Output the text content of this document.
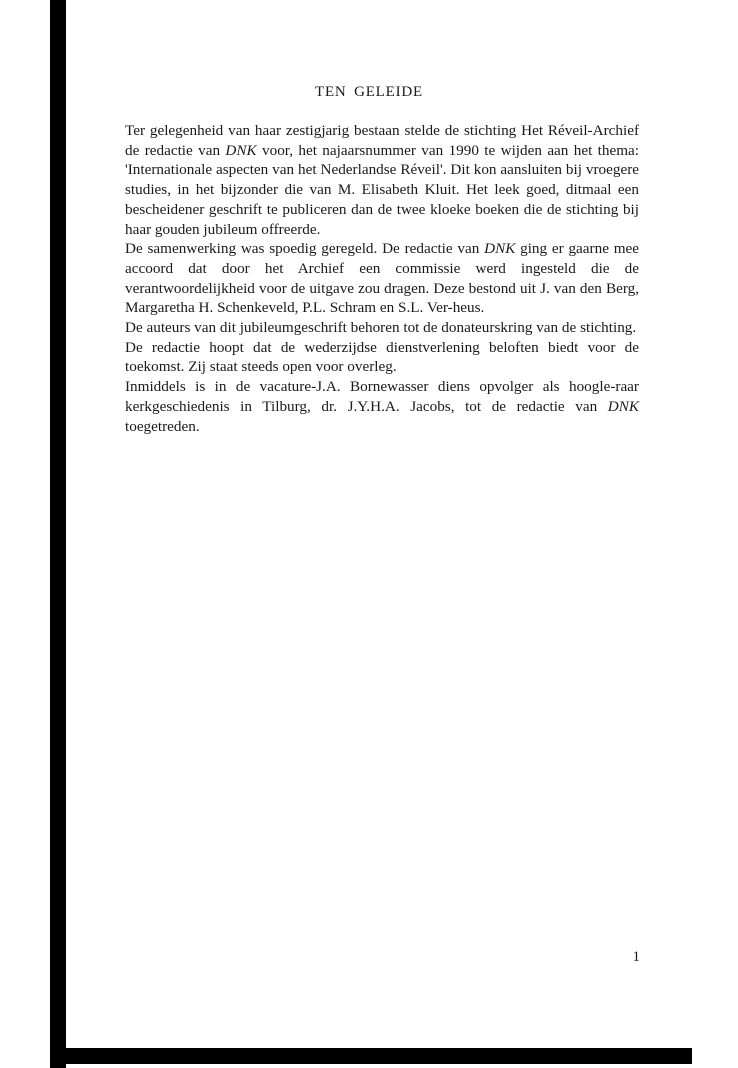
TEN GELEIDE

Ter gelegenheid van haar zestigjarig bestaan stelde de stichting Het Réveil-Archief de redactie van DNK voor, het najaarsnummer van 1990 te wijden aan het thema: 'Internationale aspecten van het Nederlandse Réveil'. Dit kon aansluiten bij vroegere studies, in het bijzonder die van M. Elisabeth Kluit. Het leek goed, ditmaal een bescheidener geschrift te publiceren dan de twee kloeke boeken die de stichting bij haar gouden jubileum offreerde.

De samenwerking was spoedig geregeld. De redactie van DNK ging er gaarne mee accoord dat door het Archief een commissie werd ingesteld die de verantwoordelijkheid voor de uitgave zou dragen. Deze bestond uit J. van den Berg, Margaretha H. Schenkeveld, P.L. Schram en S.L. Ver-heus.

De auteurs van dit jubileumgeschrift behoren tot de donateurskring van de stichting.

De redactie hoopt dat de wederzijdse dienstverlening beloften biedt voor de toekomst. Zij staat steeds open voor overleg.

Inmiddels is in de vacature-J.A. Bornewasser diens opvolger als hoogle-raar kerkgeschiedenis in Tilburg, dr. J.Y.H.A. Jacobs, tot de redactie van DNK toegetreden.

1
